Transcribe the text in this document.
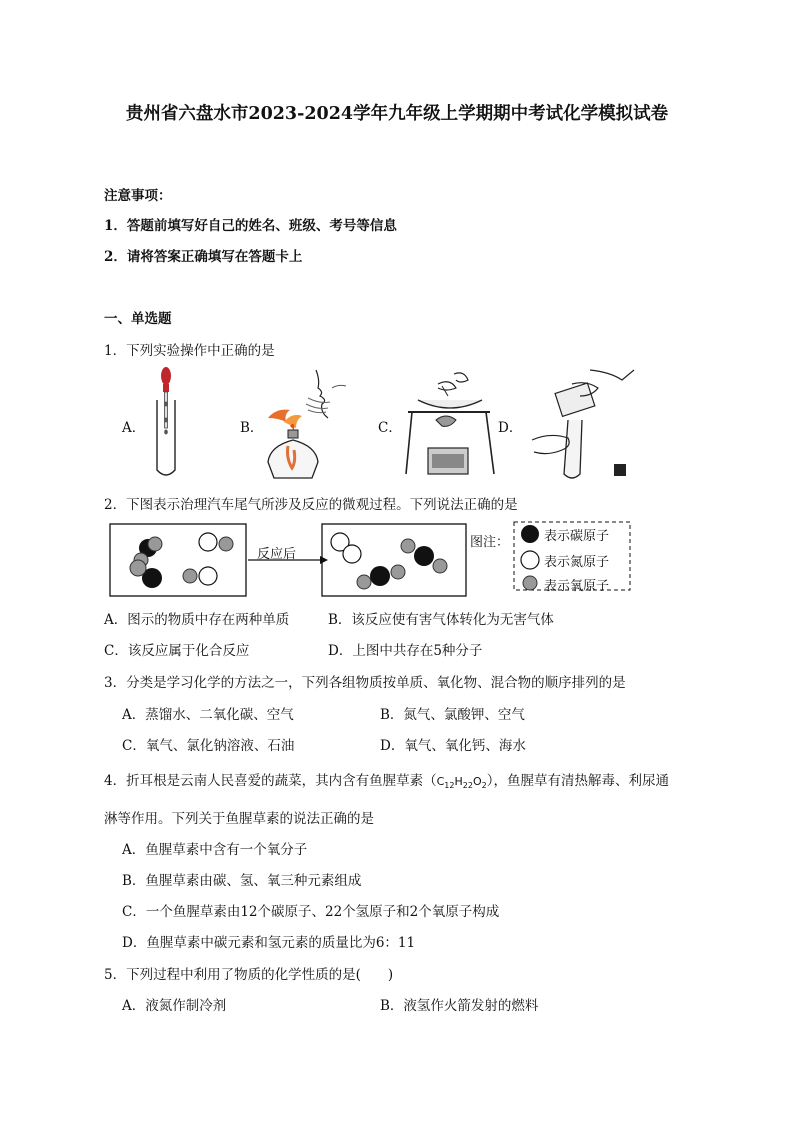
贵州省六盘水市2023-2024学年九年级上学期期中考试化学模拟试卷
注意事项：
1．答题前填写好自己的姓名、班级、考号等信息
2．请将答案正确填写在答题卡上
一、单选题
1．下列实验操作中正确的是
A．	B．	C．	D．
2．下图表示治理汽车尾气所涉及反应的微观过程。下列说法正确的是
反应后
图注：	表示碳原子
表示氮原子
表示氧原子
A．图示的物质中存在两种单质	B．该反应使有害气体转化为无害气体
C．该反应属于化合反应	D．上图中共存在5种分子
3．分类是学习化学的方法之一，下列各组物质按单质、氧化物、混合物的顺序排列的是
A．蒸馏水、二氧化碳、空气	B．氮气、氯酸钾、空气
C．氧气、氯化钠溶液、石油	D．氧气、氧化钙、海水
4．折耳根是云南人民喜爱的蔬菜，其内含有鱼腥草素$(C_{12}H_{22}O_2)$，鱼腥草有清热解毒、利尿通
淋等作用。下列关于鱼腥草素的说法正确的是
A．鱼腥草素中含有一个氧分子
B．鱼腥草素由碳、氢、氧三种元素组成
C．一个鱼腥草素由12个碳原子、22个氢原子和2个氧原子构成
D．鱼腥草素中碳元素和氢元素的质量比为6：11
5．下列过程中利用了物质的化学性质的是(　　)
A．液氮作制冷剂	B．液氢作火箭发射的燃料
